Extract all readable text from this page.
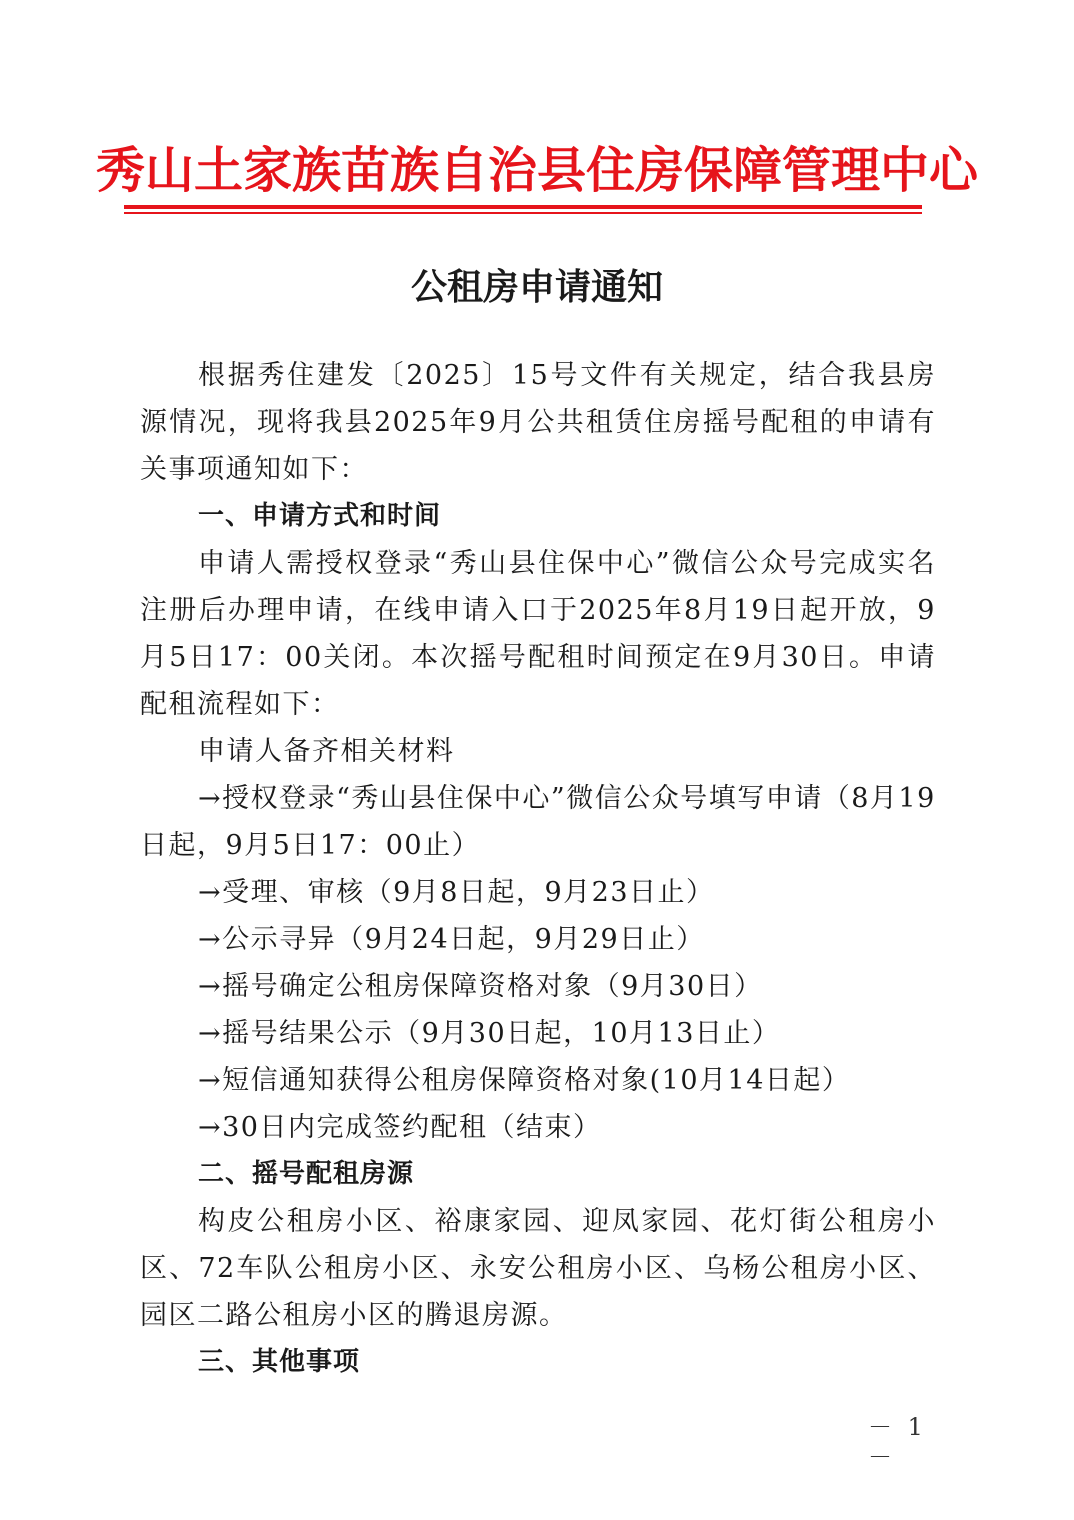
秀山土家族苗族自治县住房保障管理中心
公租房申请通知

根据秀住建发〔2025〕15号文件有关规定，结合我县房源情况，现将我县2025年9月公共租赁住房摇号配租的申请有关事项通知如下：

一、申请方式和时间

申请人需授权登录“秀山县住保中心”微信公众号完成实名注册后办理申请，在线申请入口于2025年8月19日起开放，9月5日17：00关闭。本次摇号配租时间预定在9月30日。申请配租流程如下：

申请人备齐相关材料

→授权登录“秀山县住保中心”微信公众号填写申请（8月19日起，9月5日17：00止）

→受理、审核（9月8日起，9月23日止）

→公示寻异（9月24日起，9月29日止）

→摇号确定公租房保障资格对象（9月30日）

→摇号结果公示（9月30日起，10月13日止）

→短信通知获得公租房保障资格对象(10月14日起）

→30日内完成签约配租（结束）

二、摇号配租房源

构皮公租房小区、裕康家园、迎凤家园、花灯街公租房小区、72车队公租房小区、永安公租房小区、乌杨公租房小区、园区二路公租房小区的腾退房源。

三、其他事项

－ 1 －
